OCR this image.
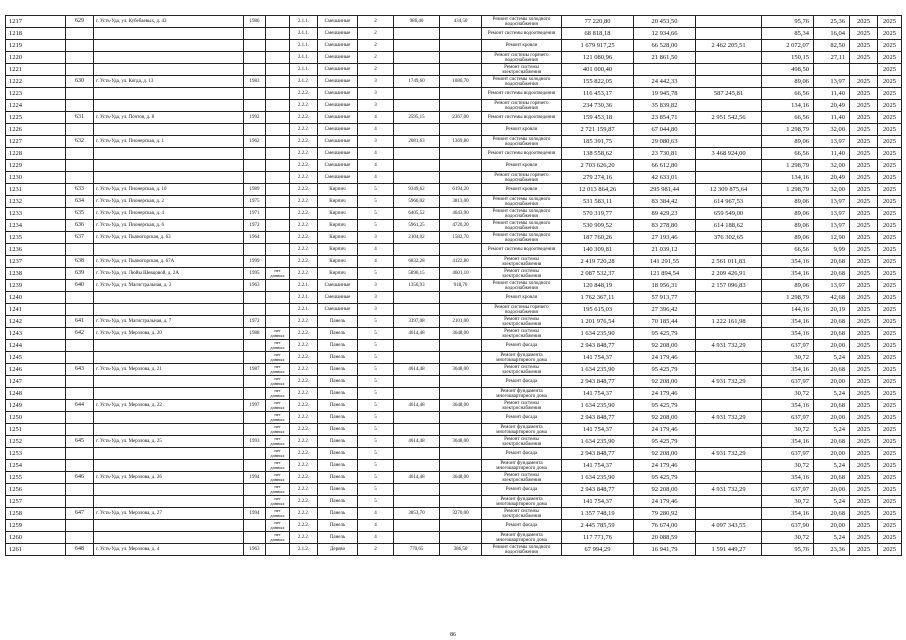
1217	629	г. Усть-Уда, ул. Кубебаевых, д. 43	1986		2.1.1.	Смешанные	2	986,40	434,50	Ремонт системы холодного водоснабжения	77 220,80	20 453,50		95,76	25,36	2025	2025
1218					2.1.1.	Смешанные	2			Ремонт системы водоотведения	68 818,18	12 934,66		85,34	16,04	2025	2025
1219					2.1.1.	Смешанные	2			Ремонт кровли	1 679 917,25	66 528,00	2 462 205,51	2 072,07	82,50	2025	2025
1220					2.1.1.	Смешанные	2			Ремонт системы горячего водоснабжения	121 080,96	21 861,50		150,15	27,11	2025	2025
1221					2.1.1.	Смешанные	2			Ремонт системы электроснабжения	401 000,40			498,50			2025
1222	630	г. Усть-Уда, ул. Когда, д. 13	1983		2.1.2.	Смешанные	3	1749,60	1086,70	Ремонт системы холодного водоснабжения	155 822,05	24 442,33		89,06	13,97	2025	2025
1223					2.2.2.	Смешанные	3			Ремонт системы водоотведения	116 453,17	19 945,78	587 245,81	66,56	11,40	2025	2025
1224					2.2.2.	Смешанные	3			Ремонт системы горячего водоснабжения	234 730,36	35 839,82		134,16	20,49	2025	2025
1225	631	г. Усть-Уда, ул. Почтов, д. 8	1992		2.2.2.	Смешанные	4	2595,15	2367,00	Ремонт системы водоотведения	159 453,18	23 854,71	2 951 542,56	66,56	11,40	2025	2025
1226					2.2.2.	Смешанные	4			Ремонт кровли	2 721 159,87	67 044,80		1 298,79	32,00	2025	2025
1227	632	г. Усть-Уда, ул. Пионерская, д. 1	1962		2.2.2.	Смешанные	3	2081,63	1369,80	Ремонт системы холодного водоснабжения	185 391,75	29 080,63		89,06	13,97	2025	2025
1228					2.2.2.	Смешанные	4			Ремонт системы водоотведения	138 558,62	23 730,81	3 468 924,00	66,56	11,40	2025	2025
1229					2.2.2.	Смешанные	4			Ремонт кровли	2 703 626,20	66 612,80		1 298,79	32,00	2025	2025
1230					2.2.2.	Смешанные	4			Ремонт системы горячего водоснабжения	279 274,16	42 633,01		134,16	20,49	2025	2025
1231	633	г. Усть-Уда, ул. Пионерская, д. 10	1989		2.2.2.	Кирпич	5	9349,62	6194,20	Ремонт кровли	12 013 864,26	295 981,44	12 309 875,64	1 298,79	32,00	2025	2025
1232	634	г. Усть-Уда, ул. Пионерская, д. 2	1975		2.2.2.	Кирпич	5	5966,02	3813,00	Ремонт системы холодного водоснабжения	531 583,11	83 384,42	614 967,53	89,06	13,97	2025	2025
1233	635	г. Усть-Уда, ул. Пионерская, д. 4	1971		2.2.2.	Кирпич	5	6405,52	4643,90	Ремонт системы холодного водоснабжения	570 319,77	89 429,23	659 549,00	89,06	13,97	2025	2025
1234	636	г. Усть-Уда, ул. Пионерская, д. 6	1972		2.2.2.	Кирпич	5	5961,25	4720,20	Ремонт системы холодного водоснабжения	530 909,52	83 278,80	614 188,62	89,06	13,97	2025	2025
1235	637	г. Усть-Уда, ул. Пьяногорская, д. 63	1964		2.2.2.	Кирпич	3	2104,02	1582,70	Ремонт системы холодного водоснабжения	187 760,26	27 193,46	376 302,65	89,06	12,90	2025	2025
1236					2.2.2.	Кирпич	4			Ремонт системы водоотведения	140 309,81	21 039,12		66,56	9,99	2025	2025
1237	638	г. Усть-Уда, ул. Пьяногорская, д. 67А	1999		2.2.2.	Кирпич	4	6832,28	4122,80	Ремонт системы электроснабжения	2 419 720,28	141 291,55	2 561 011,83	354,16	20,68	2025	2025
1238	639	г. Усть-Уда, ул. Люйы Шевцовой, д. 2А	1995	нет данных	2.2.2.	Кирпич	5	5896,15	4601,10	Ремонт системы электроснабжения	2 087 532,37	121 894,54	2 209 426,91	354,16	20,68	2025	2025
1239	640	г. Усть-Уда, ул. Магистральная, д. 3	1963		2.2.1.	Смешанные	3	1356,93	918,70	Ремонт системы холодного водоснабжения	120 848,19	18 956,31	2 157 096,83	89,06	13,97	2025	2025
1240					2.2.1.	Смешанные	3			Ремонт кровли	1 762 367,11	57 913,77		1 298,79	42,68	2025	2025
1241					2.2.1.	Смешанные	3			Ремонт системы горячего водоснабжения	195 615,03	27 396,42		144,16	20,19	2025	2025
1242	641	г. Усть-Уда, ул. Магистральная, д. 7	1972		2.2.2.	Панель	5	3397,08	2101,00	Ремонт системы электроснабжения	1 201 976,54	70 185,44	1 222 161,98	354,16	20,68	2025	2025
1243	642	г. Усть-Уда, ул. Мерзлова, д. 20	1988	нет данных	2.2.2.	Панель	5	4614,48	3648,00	Ремонт системы электроснабжения	1 634 235,90	95 425,79		354,16	20,68	2025	2025
1244				нет данных	2.2.2.	Панель	5			Ремонт фасада	2 943 848,77	92 208,00	4 931 732,29	637,97	20,00	2025	2025
1245				нет данных	2.2.2.	Панель	5			Ремонт фундамента многоквартирного дома	141 754,37	24 179,46		30,72	5,24	2025	2025
1246	643	г. Усть-Уда, ул. Мерзлова, д. 21	1987	нет данных	2.2.2.	Панель	5	4614,48	3648,00	Ремонт системы электроснабжения	1 634 235,90	95 425,79		354,16	20,68	2025	2025
1247				нет данных	2.2.2.	Панель	5			Ремонт фасада	2 943 848,77	92 208,00	4 931 732,29	637,97	20,00	2025	2025
1248				нет данных	2.2.2.	Панель	5			Ремонт фундамента многоквартирного дома	141 754,37	24 179,46		30,72	5,24	2025	2025
1249	644	г. Усть-Уда, ул. Мерзлова, д. 22	1997	нет данных	2.2.2.	Панель	5	4614,48	3648,00	Ремонт системы электроснабжения	1 634 235,90	95 425,79		354,16	20,68	2025	2025
1250				нет данных	2.2.2.	Панель	5			Ремонт фасада	2 943 848,77	92 208,00	4 931 732,29	637,97	20,00	2025	2025
1251				нет данных	2.2.2.	Панель	5			Ремонт фундамента многоквартирного дома	141 754,37	24 179,46		30,72	5,24	2025	2025
1252	645	г. Усть-Уда, ул. Мерзлова, д. 25	1993	нет данных	2.2.2.	Панель	5	4614,48	3648,00	Ремонт системы электроснабжения	1 634 235,90	95 425,79		354,16	20,68	2025	2025
1253				нет данных	2.2.2.	Панель	5			Ремонт фасада	2 943 848,77	92 208,00	4 931 732,29	637,97	20,00	2025	2025
1254				нет данных	2.2.2.	Панель	5			Ремонт фундамента многоквартирного дома	141 754,37	24 179,46		30,72	5,24	2025	2025
1255	646	г. Усть-Уда, ул. Мерзлова, д. 26	1994	нет данных	2.2.2.	Панель	5	4614,48	3648,00	Ремонт системы электроснабжения	1 634 235,90	95 425,79		354,16	20,68	2025	2025
1256				нет данных	2.2.2.	Панель	5			Ремонт фасада	2 943 848,77	92 208,00	4 931 732,29	637,97	20,00	2025	2025
1257				нет данных	2.2.2.	Панель	5			Ремонт фундамента многоквартирного дома	141 754,37	24 179,46		30,72	5,24	2025	2025
1258	647	г. Усть-Уда, ул. Мерзлова, д. 27	1994	нет данных	2.2.2.	Панель	4	3853,70	3270,00	Ремонт системы электроснабжения	1 357 748,19	79 280,92		354,16	20,68	2025	2025
1259				нет данных	2.2.2.	Панель	4			Ремонт фасада	2 445 785,59	76 674,00	4 097 343,55	637,90	20,00	2025	2025
1260				нет данных	2.2.2.	Панель	4			Ремонт фундамента многоквартирного дома	117 771,76	20 088,59		30,72	5,24	2025	2025
1261	648	г. Усть-Уда, ул. Мерзлова, д. 4	1963		2.1.2.	Дерево	2	770,65	386,50	Ремонт системы холодного водоснабжения	67 994,29	16 941,79	1 591 449,27	95,76	23,36	2025	2025
86
